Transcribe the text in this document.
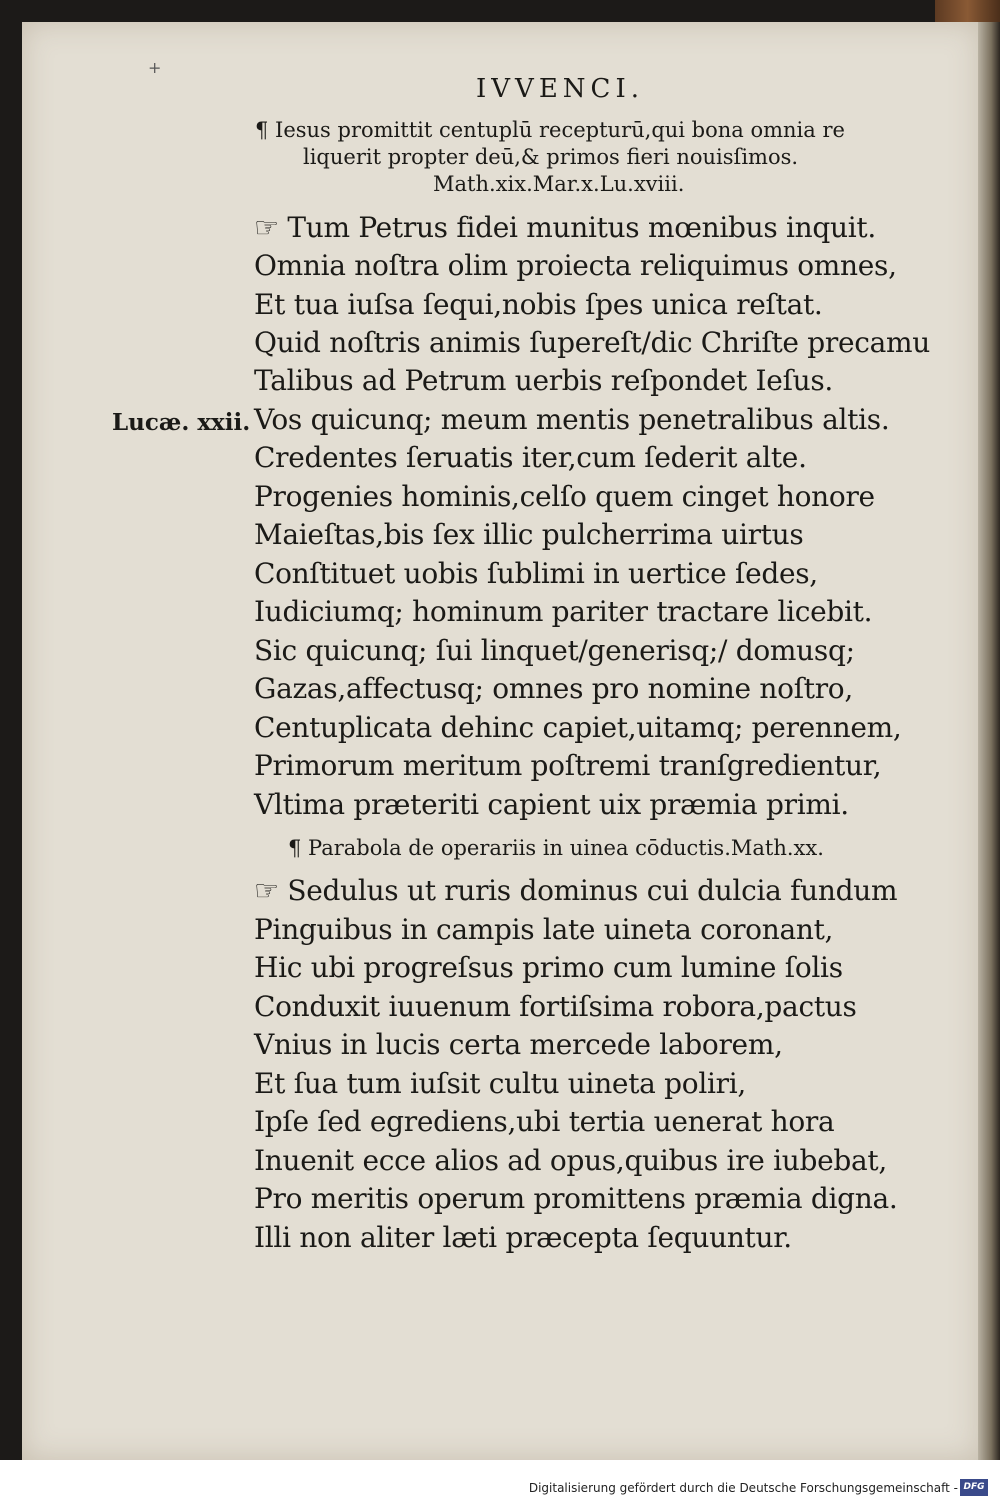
+
IVVENCI.
¶ Iesus promittit centuplū recepturū,qui bona omnia re
liquerit propter deū,& primos fieri nouisſimos.
Math.xix.Mar.x.Lu.xviii.
Lucæ. xxii.
☞ Tum Petrus fidei munitus mœnibus inquit.
Omnia noſtra olim proiecta reliquimus omnes,
Et tua iuſsa ſequi,nobis ſpes unica reſtat.
Quid noſtris animis ſupereſt/dic Chriſte precamu
Talibus ad Petrum uerbis reſpondet Ieſus.
Vos quicunq; meum mentis penetralibus altis.
Credentes ſeruatis iter,cum ſederit alte.
Progenies hominis,celſo quem cinget honore
Maieſtas,bis ſex illic pulcherrima uirtus
Conſtituet uobis ſublimi in uertice ſedes,
Iudiciumq; hominum pariter tractare licebit.
Sic quicunq; ſui linquet/generisq;/ domusq;
Gazas,affectusq; omnes pro nomine noſtro,
Centuplicata dehinc capiet,uitamq; perennem,
Primorum meritum poſtremi tranſgredientur,
Vltima præteriti capient uix præmia primi.
¶ Parabola de operariis in uinea cōductis.Math.xx.
☞ Sedulus ut ruris dominus cui dulcia fundum
Pinguibus in campis late uineta coronant,
Hic ubi progreſsus primo cum lumine ſolis
Conduxit iuuenum fortiſsima robora,pactus
Vnius in lucis certa mercede laborem,
Et ſua tum iuſsit cultu uineta poliri,
Ipſe ſed egrediens,ubi tertia uenerat hora
Inuenit ecce alios ad opus,quibus ire iubebat,
Pro meritis operum promittens præmia digna.
Illi non aliter læti præcepta ſequuntur.
Digitalisierung gefördert durch die Deutsche Forschungsgemeinschaft - DFG
